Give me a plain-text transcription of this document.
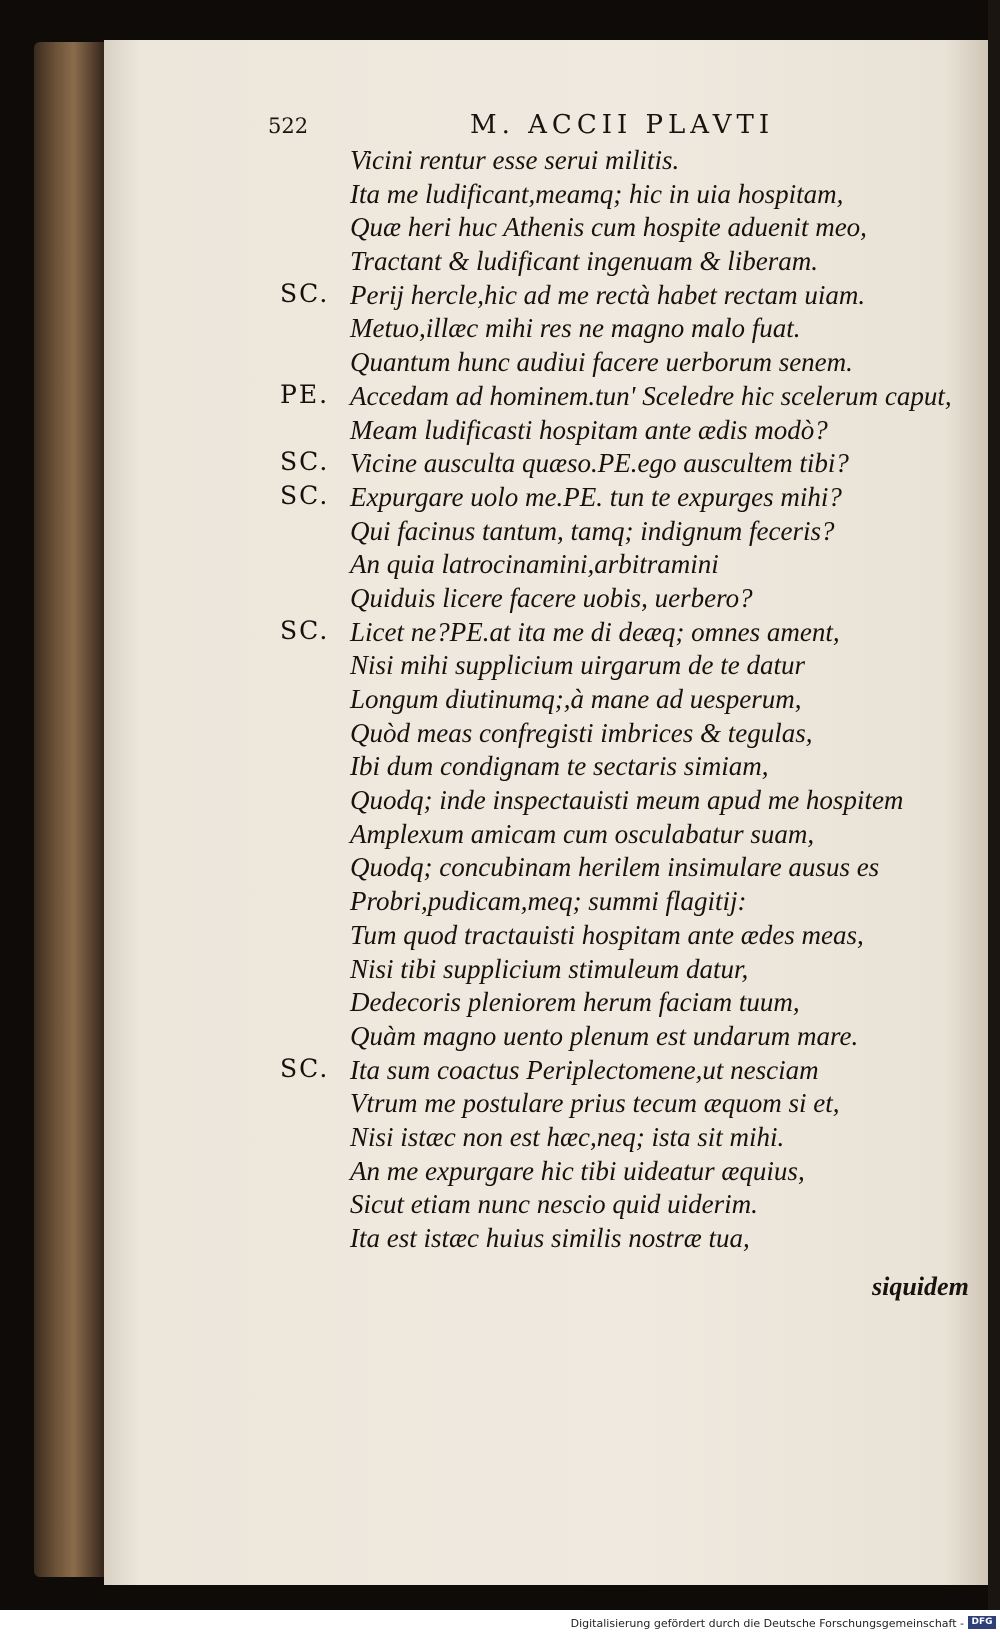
522	M. ACCII PLAVTI
Vicini rentur esse serui militis.
Ita me ludificant,meamq; hic in uia hospitam,
Quæ heri huc Athenis cum hospite aduenit meo,
Tractant & ludificant ingenuam & liberam.
SC. Perij hercle,hic ad me rectà habet rectam uiam.
Metuo,illæc mihi res ne magno malo fuat.
Quantum hunc audiui facere uerborum senem.
PE. Accedam ad hominem.tun' Sceledre hic scelerum caput,
Meam ludificasti hospitam ante ædis modò?
SC. Vicine ausculta quæso.PE.ego auscultem tibi?
SC. Expurgare uolo me.PE. tun te expurges mihi?
Qui facinus tantum, tamq; indignum feceris?
An quia latrocinamini,arbitramini
Quiduis licere facere uobis, uerbero?
SC. Licet ne?PE.at ita me di deæq; omnes ament,
Nisi mihi supplicium uirgarum de te datur
Longum diutinumq;,à mane ad uesperum,
Quòd meas confregisti imbrices & tegulas,
Ibi dum condignam te sectaris simiam,
Quodq; inde inspectauisti meum apud me hospitem
Amplexum amicam cum osculabatur suam,
Quodq; concubinam herilem insimulare ausus es
Probri,pudicam,meq; summi flagitij:
Tum quod tractauisti hospitam ante ædes meas,
Nisi tibi supplicium stimuleum datur,
Dedecoris pleniorem herum faciam tuum,
Quàm magno uento plenum est undarum mare.
SC. Ita sum coactus Periplectomene,ut nesciam
Vtrum me postulare prius tecum æquom si et,
Nisi istæc non est hæc,neq; ista sit mihi.
An me expurgare hic tibi uideatur æquius,
Sicut etiam nunc nescio quid uiderim.
Ita est istæc huius similis nostræ tua,
siquidem
Digitalisierung gefördert durch die Deutsche Forschungsgemeinschaft - DFG
